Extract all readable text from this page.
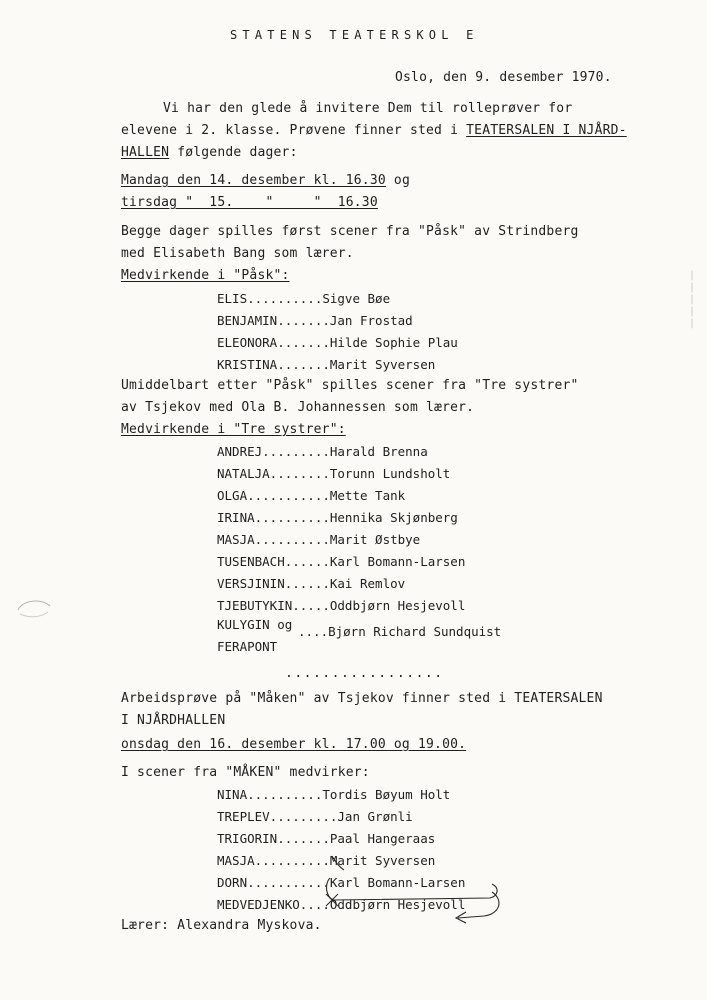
|
|
|
|
|
STATENS TEATERSKOL E
Oslo, den 9. desember 1970.
Vi har den glede å invitere Dem til rolleprøver for
elevene i 2. klasse. Prøvene finner sted i TEATERSALEN I NJÅRD-
HALLEN følgende dager:
Mandag den 14. desember kl. 16.30 og
tirsdag "  15.    "     "  16.30
Begge dager spilles først scener fra "Påsk" av Strindberg
med Elisabeth Bang som lærer.
Medvirkende i "Påsk":
ELIS..........Sigve Bøe
BENJAMIN.......Jan Frostad
ELEONORA.......Hilde Sophie Plau
KRISTINA.......Marit Syversen
Umiddelbart etter "Påsk" spilles scener fra "Tre systrer"
av Tsjekov med Ola B. Johannessen som lærer.
Medvirkende i "Tre systrer":
ANDREJ.........Harald Brenna
NATALJA........Torunn Lundsholt
OLGA...........Mette Tank
IRINA..........Hennika Skjønberg
MASJA..........Marit Østbye
TUSENBACH......Karl Bomann-Larsen
VERSJININ......Kai Remlov
TJEBUTYKIN.....Oddbjørn Hesjevoll
KULYGIN og ....Bjørn Richard Sundquist
FERAPONT
.................
Arbeidsprøve på "Måken" av Tsjekov finner sted i TEATERSALEN
I NJÅRDHALLEN
onsdag den 16. desember kl. 17.00 og 19.00.
I scener fra "MÅKEN" medvirker:
NINA..........Tordis Bøyum Holt
TREPLEV.........Jan Grønli
TRIGORIN.......Paal Hangeraas
MASJA..........Marit Syversen
DORN...........Karl Bomann-Larsen
MEDVEDJENKO....Oddbjørn Hesjevoll
Lærer: Alexandra Myskova.
